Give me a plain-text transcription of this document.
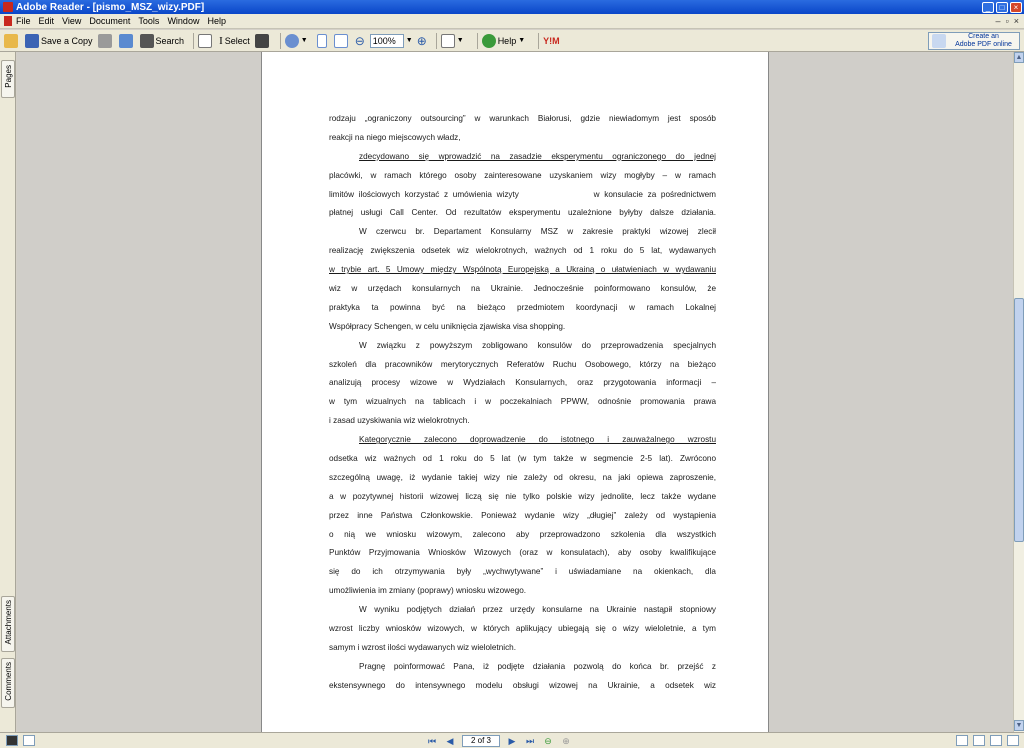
Adobe Reader - [pismo_MSZ_wizy.PDF]	_	□	×
File Edit View Document Tools Window Help	– ▫ ×
Save a Copy	Search	I Select	▼	⊖ 100%	▼ ⊕	▼	Help ▼ Y!M	Create an
Adobe PDF online
Pages
Attachments
Comments
rodzaju „ograniczony outsourcing” w warunkach Białorusi, gdzie niewiadomym jest sposób
reakcji na niego miejscowych władz,
zdecydowano się wprowadzić na zasadzie eksperymentu ograniczonego do jednej
placówki, w ramach którego osoby zainteresowane uzyskaniem wizy mogłyby – w ramach
limitów ilościowych korzystać z umówienia wizyty                w konsulacie za pośrednictwem
płatnej usługi Call Center. Od rezultatów eksperymentu uzależnione byłyby dalsze działania.
W czerwcu br. Departament Konsularny MSZ w zakresie praktyki wizowej zlecił
realizację zwiększenia odsetek wiz wielokrotnych, ważnych od 1 roku do 5 lat, wydawanych
w trybie art. 5 Umowy między Wspólnotą Europejską a Ukrainą o ułatwieniach w wydawaniu
wiz w urzędach konsularnych na Ukrainie. Jednocześnie poinformowano konsulów, że
praktyka ta powinna być na bieżąco przedmiotem koordynacji w ramach Lokalnej
Współpracy Schengen, w celu uniknięcia zjawiska visa shopping.
W związku z powyższym zobligowano konsulów do przeprowadzenia specjalnych
szkoleń dla pracowników merytorycznych Referatów Ruchu Osobowego, którzy na bieżąco
analizują procesy wizowe w Wydziałach Konsularnych, oraz przygotowania informacji –
w tym wizualnych na tablicach i w poczekalniach PPWW, odnośnie promowania prawa
i zasad uzyskiwania wiz wielokrotnych.
Kategorycznie zalecono doprowadzenie do istotnego i zauważalnego wzrostu
odsetka wiz ważnych od 1 roku do 5 lat (w tym także w segmencie 2-5 lat). Zwrócono
szczególną uwagę, iż wydanie takiej wizy nie zależy od okresu, na jaki opiewa zaproszenie,
a w pozytywnej historii wizowej liczą się nie tylko polskie wizy jednolite, lecz także wydane
przez inne Państwa Członkowskie. Ponieważ wydanie wizy „długiej” zależy od wystąpienia
o nią we wniosku wizowym, zalecono aby przeprowadzono szkolenia dla wszystkich
Punktów Przyjmowania Wniosków Wizowych (oraz w konsulatach), aby osoby kwalifikujące
się do ich otrzymywania były „wychwytywane” i uświadamiane na okienkach, dla
umożliwienia im zmiany (poprawy) wniosku wizowego.
W wyniku podjętych działań przez urzędy konsularne na Ukrainie nastąpił stopniowy
wzrost liczby wniosków wizowych, w których aplikujący ubiegają się o wizy wieloletnie, a tym
samym i wzrost ilości wydawanych wiz wieloletnich.
Pragnę poinformować Pana, iż podjęte działania pozwolą do końca br. przejść z
ekstensywnego do intensywnego modelu obsługi wizowej na Ukrainie, a odsetek wiz
▲
▼
⏮ ◀	2 of 3	▶ ⏭ ⊖ ⊕
